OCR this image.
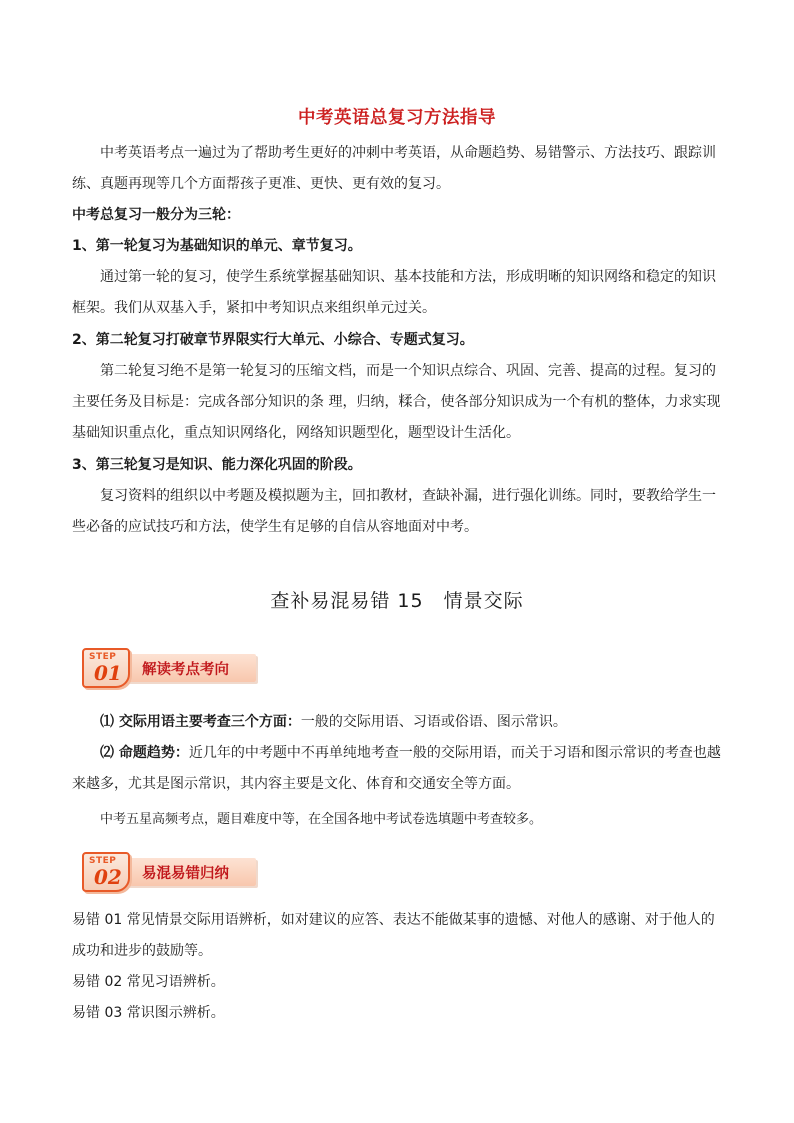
中考英语总复习方法指导

中考英语考点一遍过为了帮助考生更好的冲刺中考英语，从命题趋势、易错警示、方法技巧、跟踪训练、真题再现等几个方面帮孩子更准、更快、更有效的复习。

中考总复习一般分为三轮：

1、第一轮复习为基础知识的单元、章节复习。

通过第一轮的复习，使学生系统掌握基础知识、基本技能和方法，形成明晰的知识网络和稳定的知识框架。我们从双基入手，紧扣中考知识点来组织单元过关。

2、第二轮复习打破章节界限实行大单元、小综合、专题式复习。

第二轮复习绝不是第一轮复习的压缩文档，而是一个知识点综合、巩固、完善、提高的过程。复习的主要任务及目标是：完成各部分知识的条 理，归纳，糅合，使各部分知识成为一个有机的整体，力求实现基础知识重点化，重点知识网络化，网络知识题型化，题型设计生活化。

3、第三轮复习是知识、能力深化巩固的阶段。

复习资料的组织以中考题及模拟题为主，回扣教材，查缺补漏，进行强化训练。同时，要教给学生一些必备的应试技巧和方法，使学生有足够的自信从容地面对中考。

查补易混易错 15　情景交际
STEP
01 解读考点考向

⑴ 交际用语主要考查三个方面：一般的交际用语、习语或俗语、图示常识。

⑵ 命题趋势：近几年的中考题中不再单纯地考查一般的交际用语，而关于习语和图示常识的考查也越来越多，尤其是图示常识，其内容主要是文化、体育和交通安全等方面。

中考五星高频考点，题目难度中等，在全国各地中考试卷选填题中考查较多。

STEP
02 易混易错归纳

易错 01 常见情景交际用语辨析，如对建议的应答、表达不能做某事的遗憾、对他人的感谢、对于他人的成功和进步的鼓励等。

易错 02 常见习语辨析。

易错 03 常识图示辨析。
